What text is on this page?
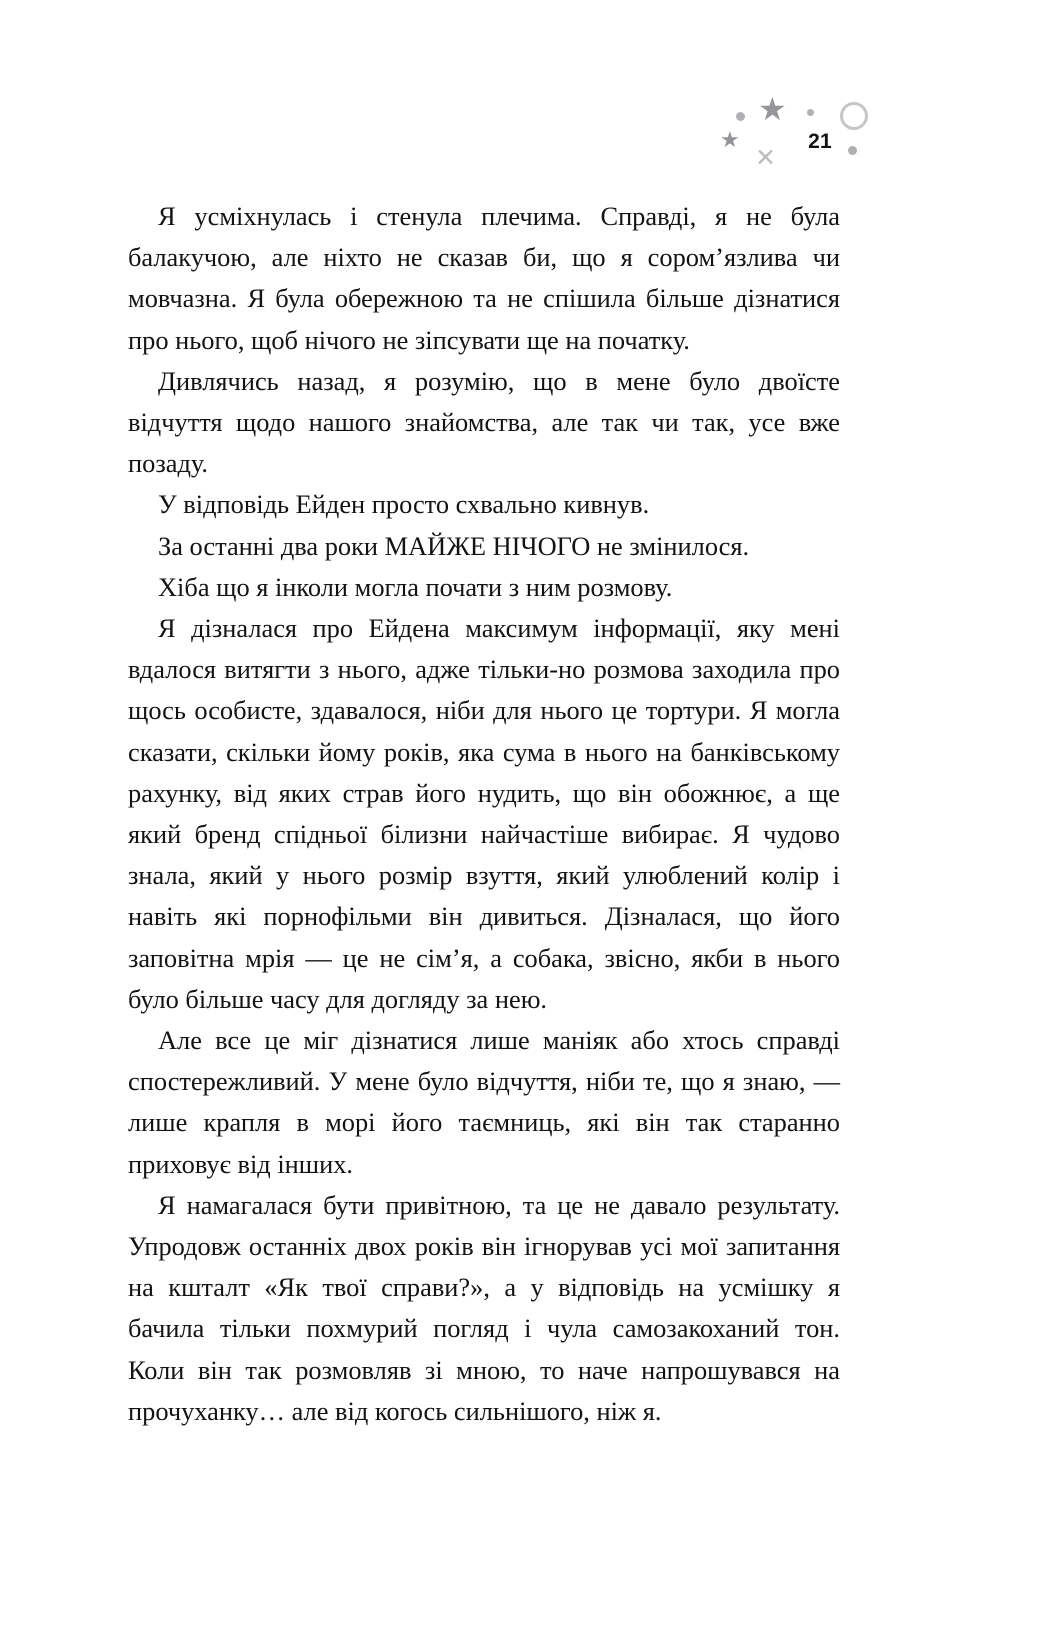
★
★
✕
21

Я усміхнулась і стенула плечима. Справді, я не була балакучою, але ніхто не сказав би, що я сором’язлива чи мовчазна. Я була обережною та не спішила більше дізнатися про нього, щоб нічого не зіпсувати ще на початку.

Дивлячись назад, я розумію, що в мене було двоїсте відчуття щодо нашого знайомства, але так чи так, усе вже позаду.

У відповідь Ейден просто схвально кивнув.

За останні два роки МАЙЖЕ НІЧОГО не змінилося.

Хіба що я інколи могла почати з ним розмову.

Я дізналася про Ейдена максимум інформації, яку мені вдалося витягти з нього, адже тільки-но розмова заходила про щось особисте, здавалося, ніби для нього це тортури. Я могла сказати, скільки йому років, яка сума в нього на банківському рахунку, від яких страв його нудить, що він обожнює, а ще який бренд спідньої білизни найчастіше вибирає. Я чудово знала, який у нього розмір взуття, який улюблений колір і навіть які порнофільми він дивиться. Дізналася, що його заповітна мрія — це не сім’я, а собака, звісно, якби в нього було більше часу для догляду за нею.

Але все це міг дізнатися лише маніяк або хтось справді спостережливий. У мене було відчуття, ніби те, що я знаю, — лише крапля в морі його таємниць, які він так старанно приховує від інших.

Я намагалася бути привітною, та це не давало результату. Упродовж останніх двох років він ігнорував усі мої запитання на кшталт «Як твої справи?», а у відповідь на усмішку я бачила тільки похмурий погляд і чула самозакоханий тон. Коли він так розмовляв зі мною, то наче напрошувався на прочуханку… але від когось сильнішого, ніж я.
